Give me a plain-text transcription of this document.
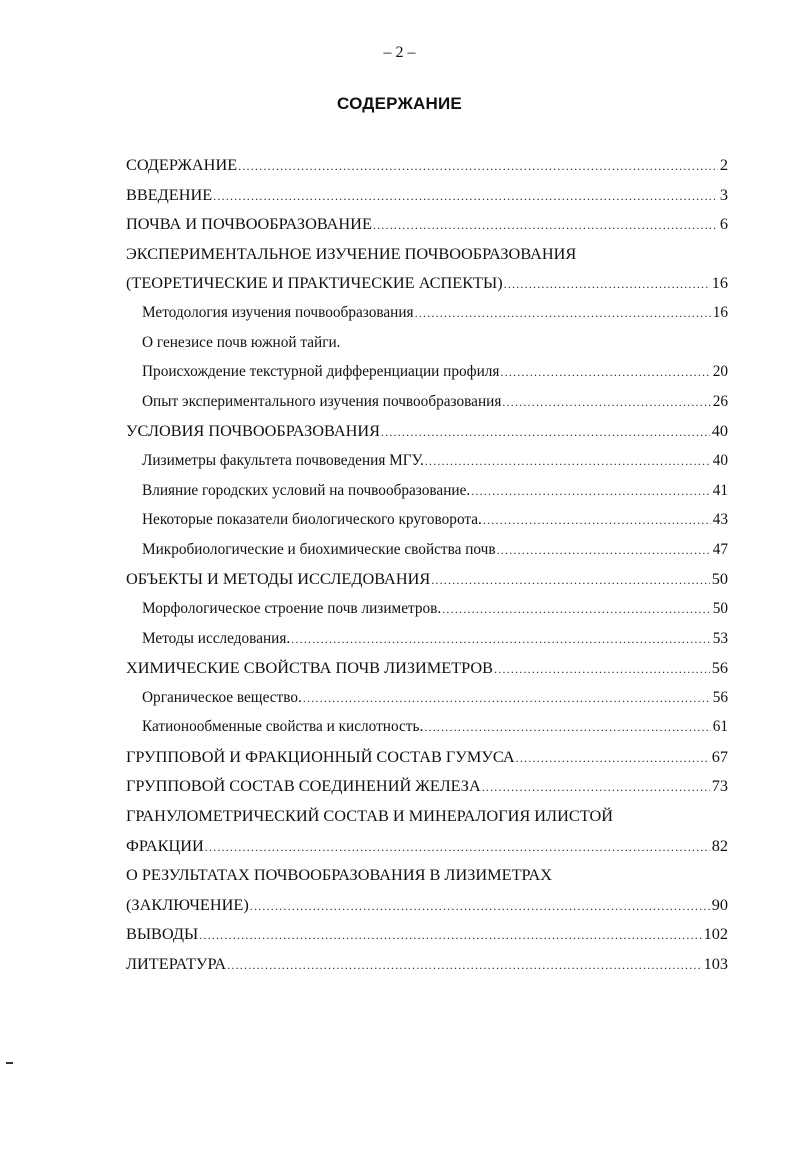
– 2 –
СОДЕРЖАНИЕ
СОДЕРЖАНИЕ .....	2
ВВЕДЕНИЕ .....	3
ПОЧВА И ПОЧВООБРАЗОВАНИЕ .....	6
ЭКСПЕРИМЕНТАЛЬНОЕ ИЗУЧЕНИЕ ПОЧВООБРАЗОВАНИЯ
(ТЕОРЕТИЧЕСКИЕ И ПРАКТИЧЕСКИЕ АСПЕКТЫ) .....	16
Методология изучения почвообразования .....	16
О генезисе почв южной тайги.
Происхождение текстурной дифференциации профиля .....	20
Опыт экспериментального изучения почвообразования .....	26
УСЛОВИЯ ПОЧВООБРАЗОВАНИЯ .....	40
Лизиметры факультета почвоведения МГУ. .....	40
Влияние городских условий на почвообразование. .....	41
Некоторые показатели биологического круговорота. .....	43
Микробиологические и биохимические свойства почв .....	47
ОБЪЕКТЫ И МЕТОДЫ ИССЛЕДОВАНИЯ .....	50
Морфологическое строение почв лизиметров. .....	50
Методы исследования. .....	53
ХИМИЧЕСКИЕ СВОЙСТВА ПОЧВ ЛИЗИМЕТРОВ .....	56
Органическое вещество. .....	56
Катионообменные свойства и кислотность. .....	61
ГРУППОВОЙ И ФРАКЦИОННЫЙ СОСТАВ ГУМУСА .....	67
ГРУППОВОЙ СОСТАВ СОЕДИНЕНИЙ ЖЕЛЕЗА .....	73
ГРАНУЛОМЕТРИЧЕСКИЙ СОСТАВ И МИНЕРАЛОГИЯ ИЛИСТОЙ
ФРАКЦИИ .....	82
О РЕЗУЛЬТАТАХ ПОЧВООБРАЗОВАНИЯ В ЛИЗИМЕТРАХ
(ЗАКЛЮЧЕНИЕ) .....	90
ВЫВОДЫ .....	102
ЛИТЕРАТУРА .....	103
